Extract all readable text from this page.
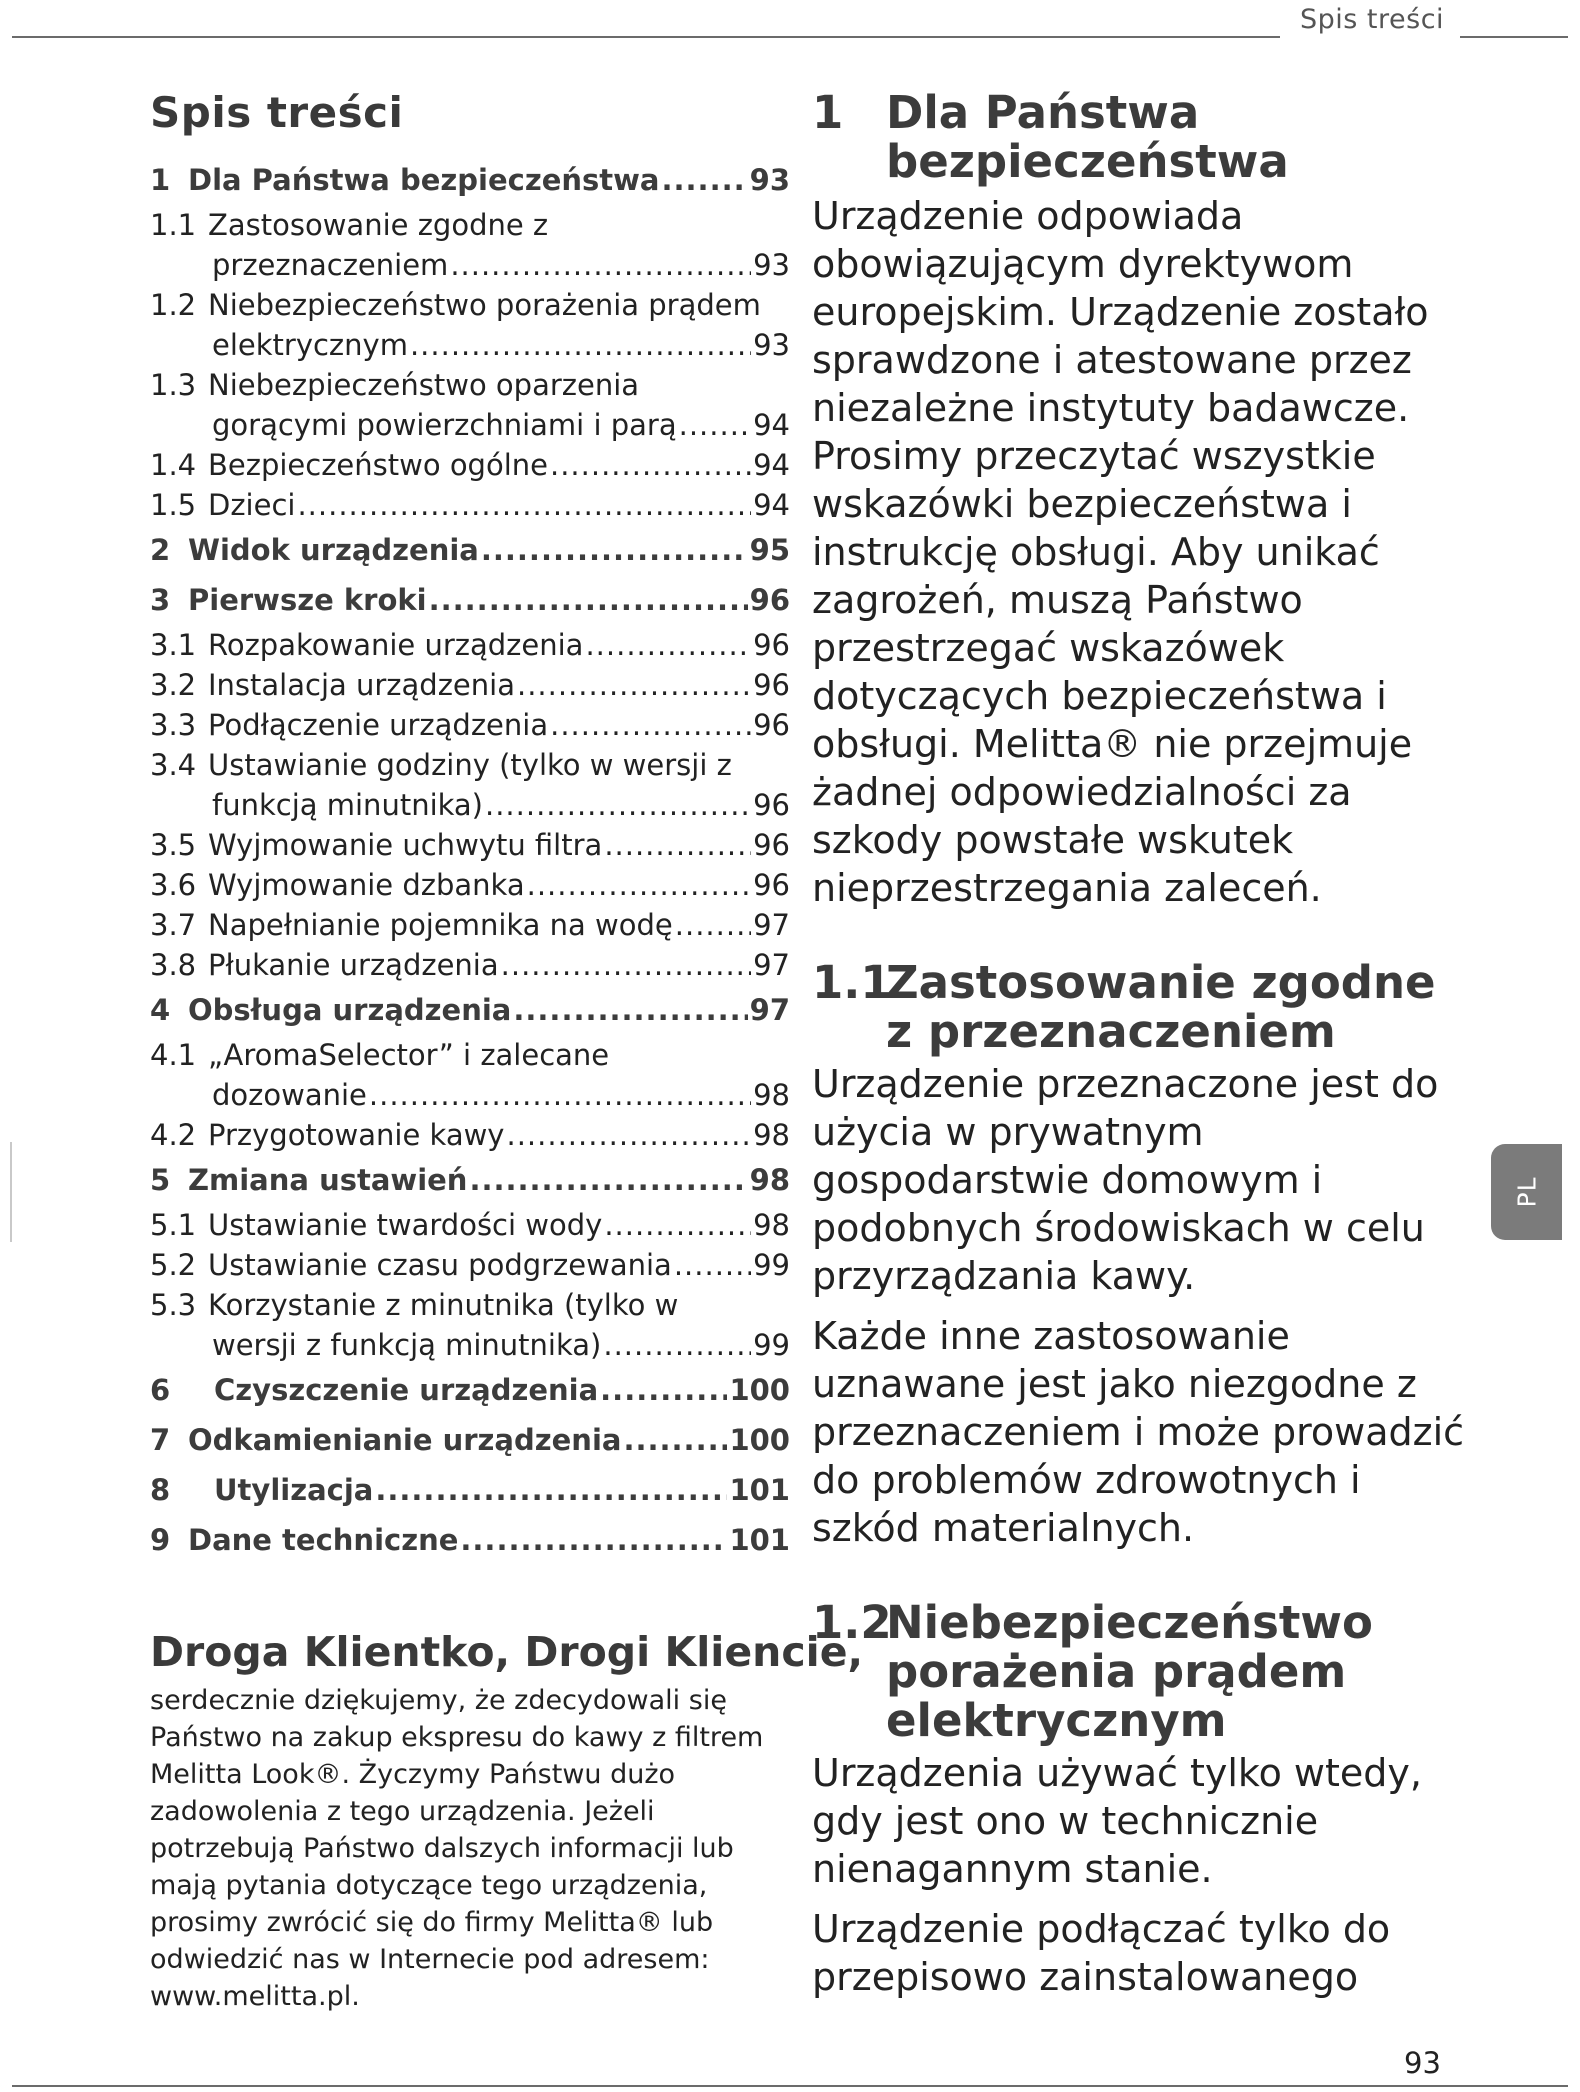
Spis treści
PL
Spis treści
1 Dla Państwa bezpieczeństwa .....	93
1.1 Zastosowanie zgodne z
przeznaczeniem .....	93
1.2 Niebezpieczeństwo porażenia prądem
elektrycznym .....	93
1.3 Niebezpieczeństwo oparzenia
gorącymi powierzchniami i parą .....	94
1.4 Bezpieczeństwo ogólne .....	94
1.5 Dzieci .....	94
2 Widok urządzenia .....	95
3 Pierwsze kroki .....	96
3.1 Rozpakowanie urządzenia .....	96
3.2 Instalacja urządzenia .....	96
3.3 Podłączenie urządzenia .....	96
3.4 Ustawianie godziny (tylko w wersji z
funkcją minutnika) .....	96
3.5 Wyjmowanie uchwytu filtra .....	96
3.6 Wyjmowanie dzbanka .....	96
3.7 Napełnianie pojemnika na wodę .....	97
3.8 Płukanie urządzenia .....	97
4 Obsługa urządzenia .....	97
4.1 „AromaSelector” i zalecane
dozowanie .....	98
4.2 Przygotowanie kawy .....	98
5 Zmiana ustawień .....	98
5.1 Ustawianie twardości wody .....	98
5.2 Ustawianie czasu podgrzewania .....	99
5.3 Korzystanie z minutnika (tylko w
wersji z funkcją minutnika) .....	99
6	Czyszczenie urządzenia .....	100
7 Odkamienianie urządzenia .....	100
8	Utylizacja .....	101
9 Dane techniczne .....	101
Droga Klientko, Drogi Kliencie,

serdecznie dziękujemy, że zdecydowali się Państwo na zakup ekspresu do kawy z filtrem Melitta Look®. Życzymy Państwu dużo zadowolenia z tego urządzenia. Jeżeli potrzebują Państwo dalszych informacji lub mają pytania dotyczące tego urządzenia, prosimy zwrócić się do firmy Melitta® lub odwiedzić nas w Internecie pod adresem: www.melitta.pl.

1 Dla Państwa bezpieczeństwa

Urządzenie odpowiada obowiązującym dyrektywom europejskim. Urządzenie zostało sprawdzone i atestowane przez niezależne instytuty badawcze. Prosimy przeczytać wszystkie wskazówki bezpieczeństwa i instrukcję obsługi. Aby unikać zagrożeń, muszą Państwo przestrzegać wskazówek dotyczących bezpieczeństwa i obsługi. Melitta® nie przejmuje żadnej odpowiedzialności za szkody powstałe wskutek nieprzestrzegania zaleceń.

1.1
Zastosowanie zgodne z przeznaczeniem

Urządzenie przeznaczone jest do użycia w prywatnym gospodarstwie domowym i podobnych środowiskach w celu przyrządzania kawy.

Każde inne zastosowanie uznawane jest jako niezgodne z przeznaczeniem i może prowadzić do problemów zdrowotnych i szkód materialnych.

1.2
Niebezpieczeństwo porażenia prądem elektrycznym

Urządzenia używać tylko wtedy, gdy jest ono w technicznie nienagannym stanie.

Urządzenie podłączać tylko do przepisowo zainstalowanego

93
